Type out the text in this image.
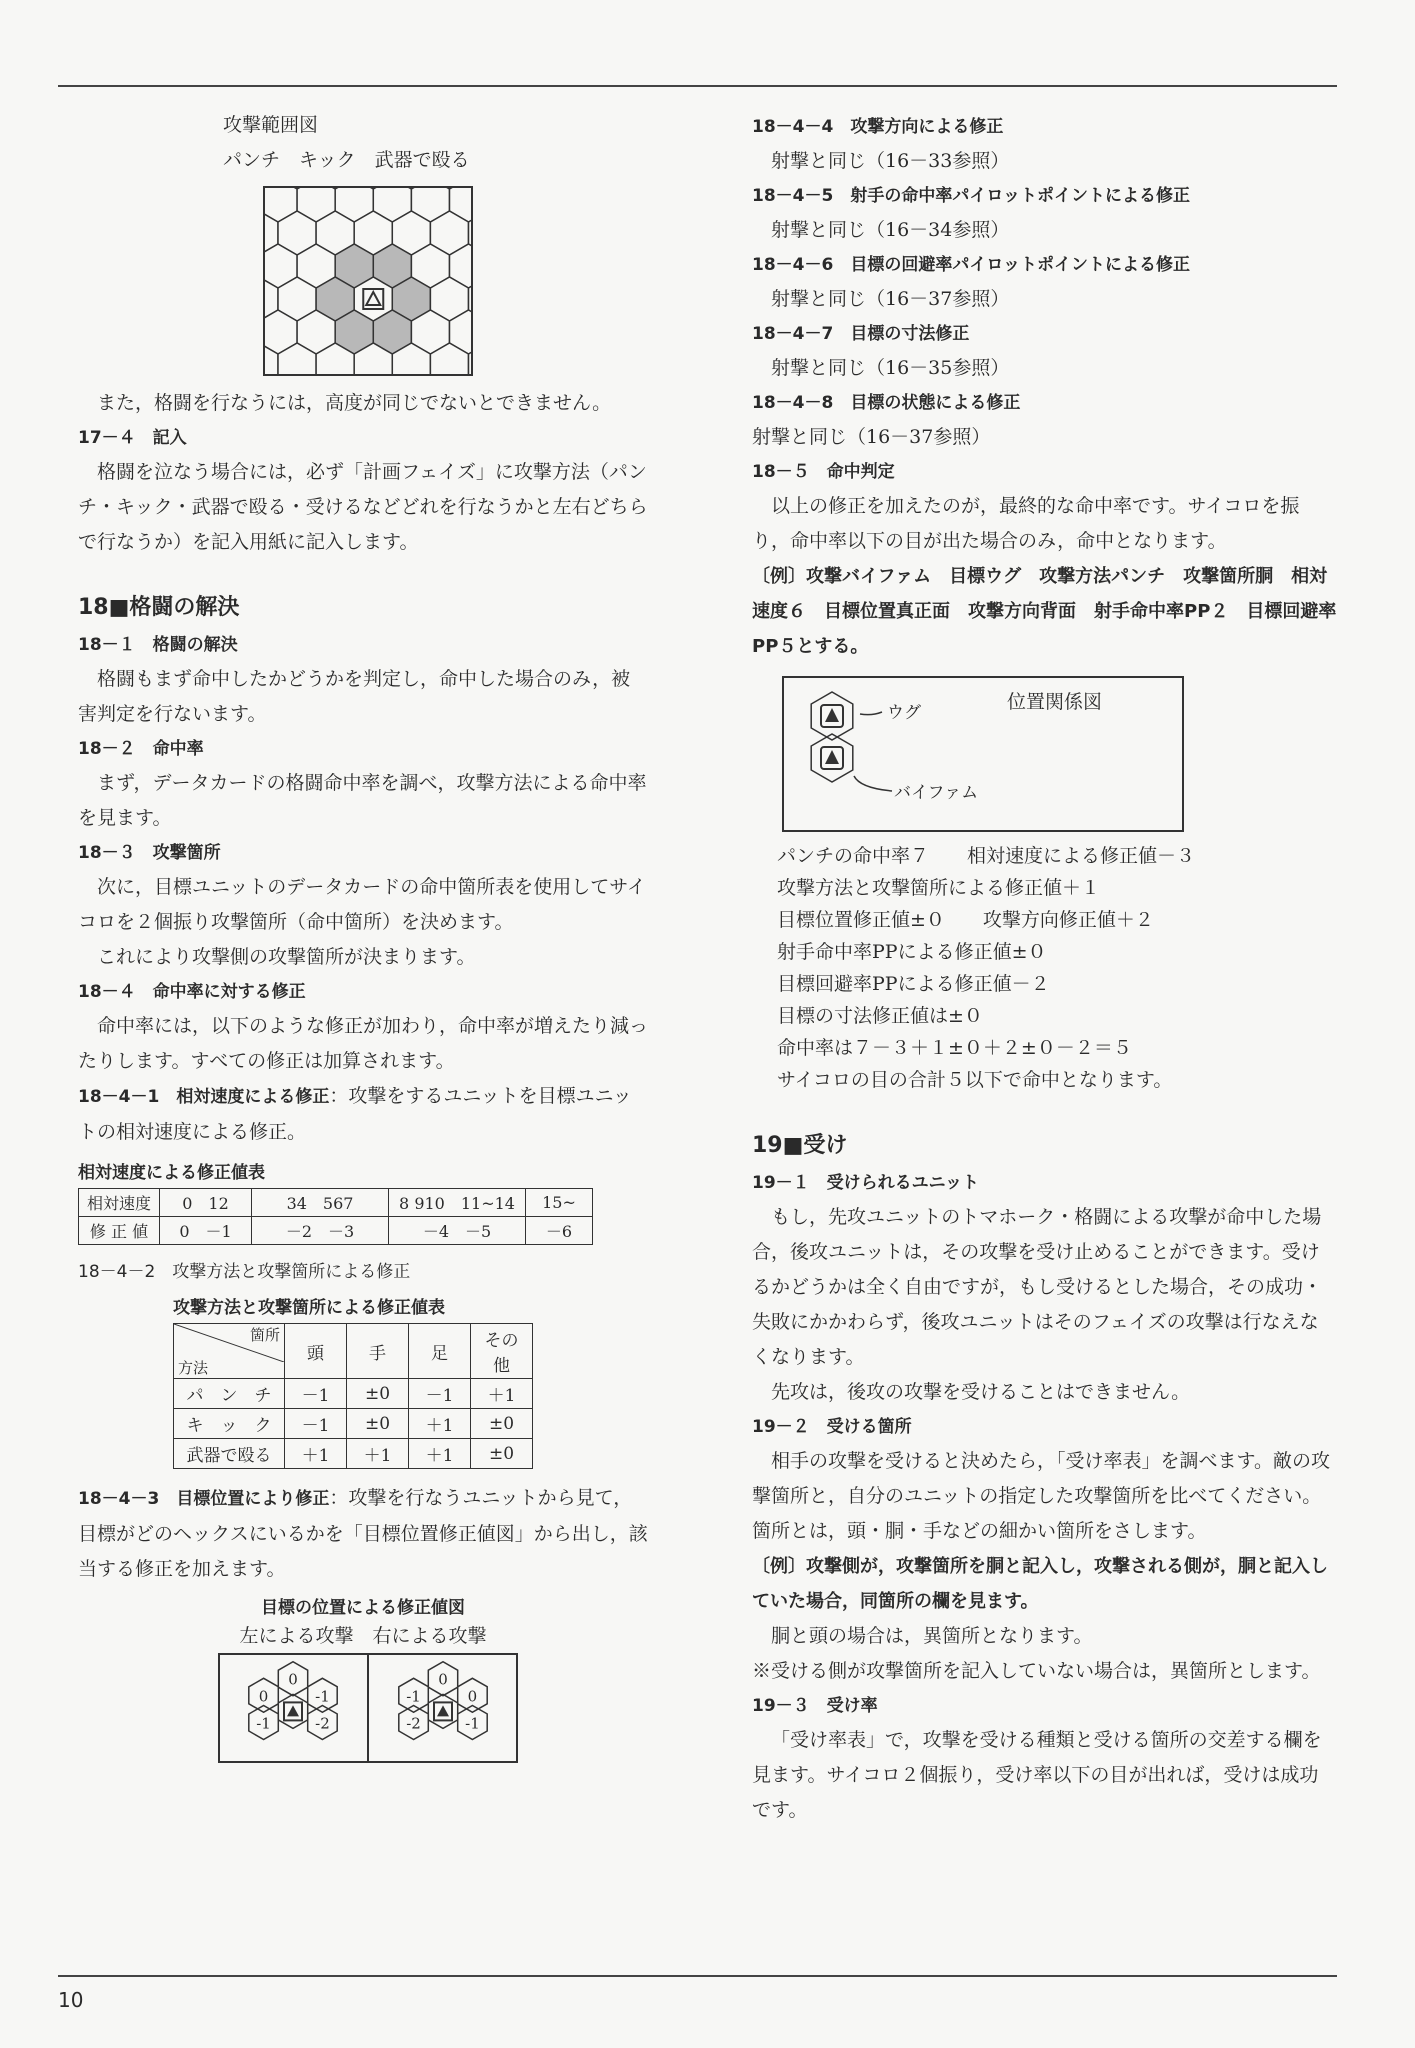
攻撃範囲図
パンチ　キック　武器で殴る

また，格闘を行なうには，高度が同じでないとできません。

17－４　記入

格闘を泣なう場合には，必ず「計画フェイズ」に攻撃方法（パンチ・キック・武器で殴る・受けるなどどれを行なうかと左右どちらで行なうか）を記入用紙に記入します。

18■格闘の解決

18－１　格闘の解決

格闘もまず命中したかどうかを判定し，命中した場合のみ，被害判定を行ないます。

18－２　命中率

まず，データカードの格闘命中率を調べ，攻撃方法による命中率を見ます。

18－３　攻撃箇所

次に，目標ユニットのデータカードの命中箇所表を使用してサイコロを２個振り攻撃箇所（命中箇所）を決めます。

これにより攻撃側の攻撃箇所が決まります。

18－４　命中率に対する修正

命中率には，以下のような修正が加わり，命中率が増えたり減ったりします。すべての修正は加算されます。

18－4－1　相対速度による修正：攻撃をするユニットを目標ユニットの相対速度による修正。

相対速度による修正値表
相対速度	0　12	34　567	8 910　11~14	15~
修 正 値	0　－1	－2　－3	－4　－5	－6

18－4－2　攻撃方法と攻撃箇所による修正

攻撃方法と攻撃箇所による修正値表
箇所
方法	頭	手	足	その他
パ　ン　チ	－1	±0	－1	＋1
キ　ッ　ク	－1	±0	＋1	±0
武器で殴る	＋1	＋1	＋1	±0

18－4－3　目標位置により修正：攻撃を行なうユニットから見て，目標がどのヘックスにいるかを「目標位置修正値図」から出し，該当する修正を加えます。

目標の位置による修正値図
左による攻撃　右による攻撃
0
0	-1
-1	-2
0
-1	0
-2	-1

18－4－4　攻撃方向による修正

射撃と同じ（16－33参照）

18－4－5　射手の命中率パイロットポイントによる修正

射撃と同じ（16－34参照）

18－4－6　目標の回避率パイロットポイントによる修正

射撃と同じ（16－37参照）

18－4－7　目標の寸法修正

射撃と同じ（16－35参照）

18－4－8　目標の状態による修正

射撃と同じ（16－37参照）

18－５　命中判定

以上の修正を加えたのが，最終的な命中率です。サイコロを振り，命中率以下の目が出た場合のみ，命中となります。

〔例〕攻撃バイファム　目標ウグ　攻撃方法パンチ　攻撃箇所胴　相対速度６　目標位置真正面　攻撃方向背面　射手命中率PP２　目標回避率PP５とする。

位置関係図
ウグ
バイファム
パンチの命中率７　　相対速度による修正値－３
攻撃方法と攻撃箇所による修正値＋１
目標位置修正値±０　　攻撃方向修正値＋２
射手命中率PPによる修正値±０
目標回避率PPによる修正値－２
目標の寸法修正値は±０
命中率は７－３＋１±０＋２±０－２＝５
サイコロの目の合計５以下で命中となります。

19■受け

19－１　受けられるユニット

もし，先攻ユニットのトマホーク・格闘による攻撃が命中した場合，後攻ユニットは，その攻撃を受け止めることができます。受けるかどうかは全く自由ですが，もし受けるとした場合，その成功・失敗にかかわらず，後攻ユニットはそのフェイズの攻撃は行なえなくなります。

先攻は，後攻の攻撃を受けることはできません。

19－２　受ける箇所

相手の攻撃を受けると決めたら，「受け率表」を調べます。敵の攻撃箇所と，自分のユニットの指定した攻撃箇所を比べてください。箇所とは，頭・胴・手などの細かい箇所をさします。

〔例〕攻撃側が，攻撃箇所を胴と記入し，攻撃される側が，胴と記入していた場合，同箇所の欄を見ます。

胴と頭の場合は，異箇所となります。

※受ける側が攻撃箇所を記入していない場合は，異箇所とします。

19－３　受け率

「受け率表」で，攻撃を受ける種類と受ける箇所の交差する欄を見ます。サイコロ２個振り，受け率以下の目が出れば，受けは成功です。

10
